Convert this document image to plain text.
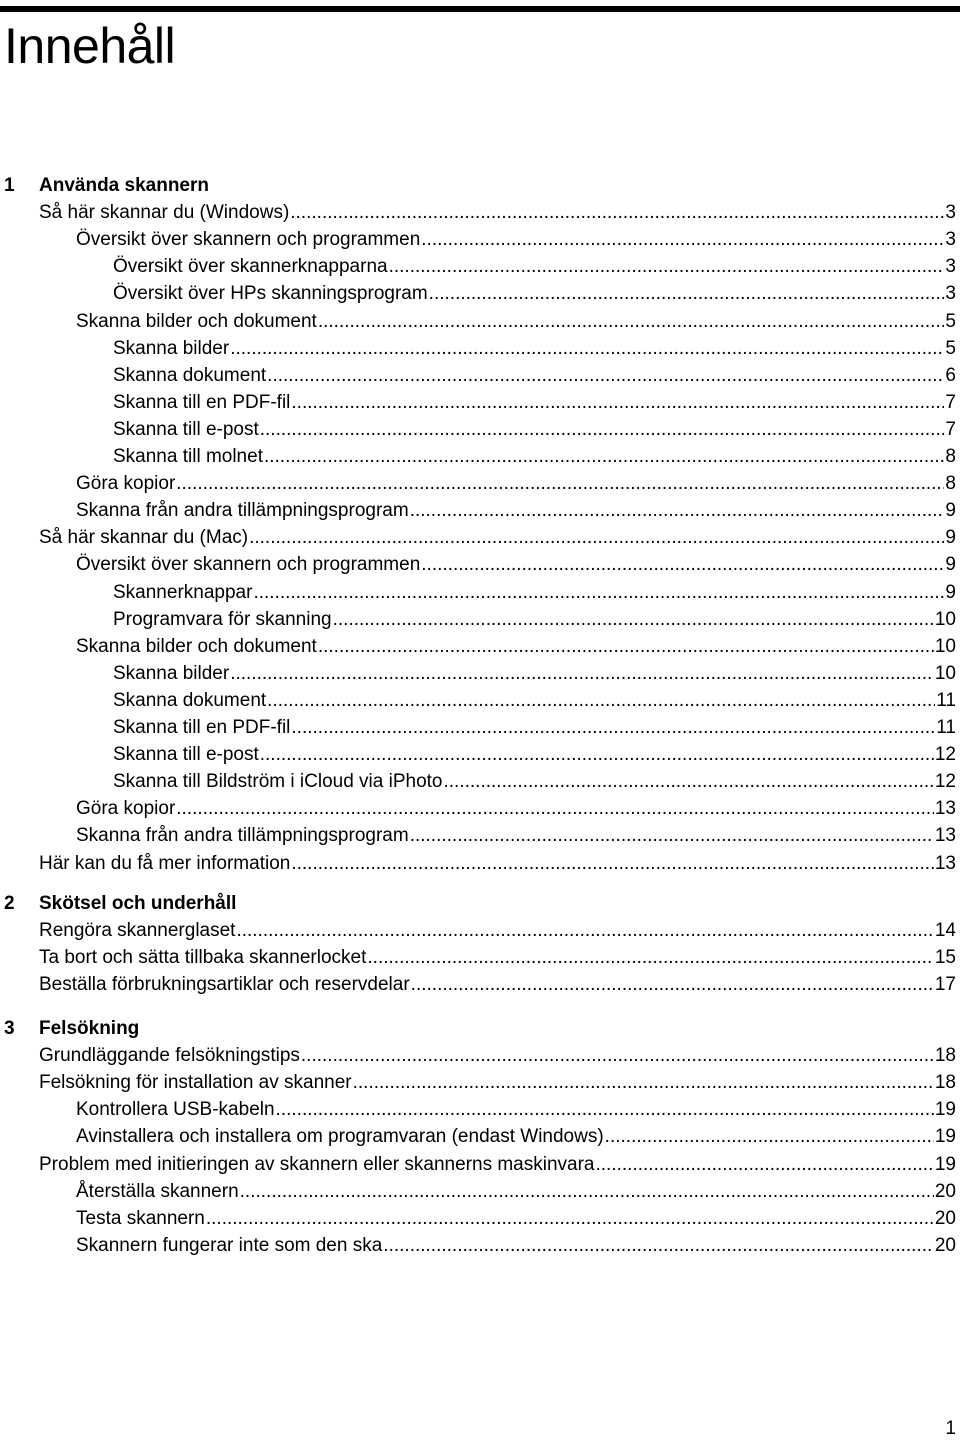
Innehåll
1 Använda skannern
Så här skannar du (Windows) .....	3
Översikt över skannern och programmen .....	3
Översikt över skannerknapparna .....	3
Översikt över HPs skanningsprogram .....	3
Skanna bilder och dokument .....	5
Skanna bilder .....	5
Skanna dokument .....	6
Skanna till en PDF-fil .....	7
Skanna till e-post .....	7
Skanna till molnet .....	8
Göra kopior .....	8
Skanna från andra tillämpningsprogram .....	9
Så här skannar du (Mac) .....	9
Översikt över skannern och programmen .....	9
Skannerknappar .....	9
Programvara för skanning .....	10
Skanna bilder och dokument .....	10
Skanna bilder .....	10
Skanna dokument .....	11
Skanna till en PDF-fil .....	11
Skanna till e-post .....	12
Skanna till Bildström i iCloud via iPhoto .....	12
Göra kopior .....	13
Skanna från andra tillämpningsprogram .....	13
Här kan du få mer information .....	13
2 Skötsel och underhåll
Rengöra skannerglaset .....	14
Ta bort och sätta tillbaka skannerlocket .....	15
Beställa förbrukningsartiklar och reservdelar .....	17
3 Felsökning
Grundläggande felsökningstips .....	18
Felsökning för installation av skanner .....	18
Kontrollera USB-kabeln .....	19
Avinstallera och installera om programvaran (endast Windows) .....	19
Problem med initieringen av skannern eller skannerns maskinvara .....	19
Återställa skannern .....	20
Testa skannern .....	20
Skannern fungerar inte som den ska .....	20
1
